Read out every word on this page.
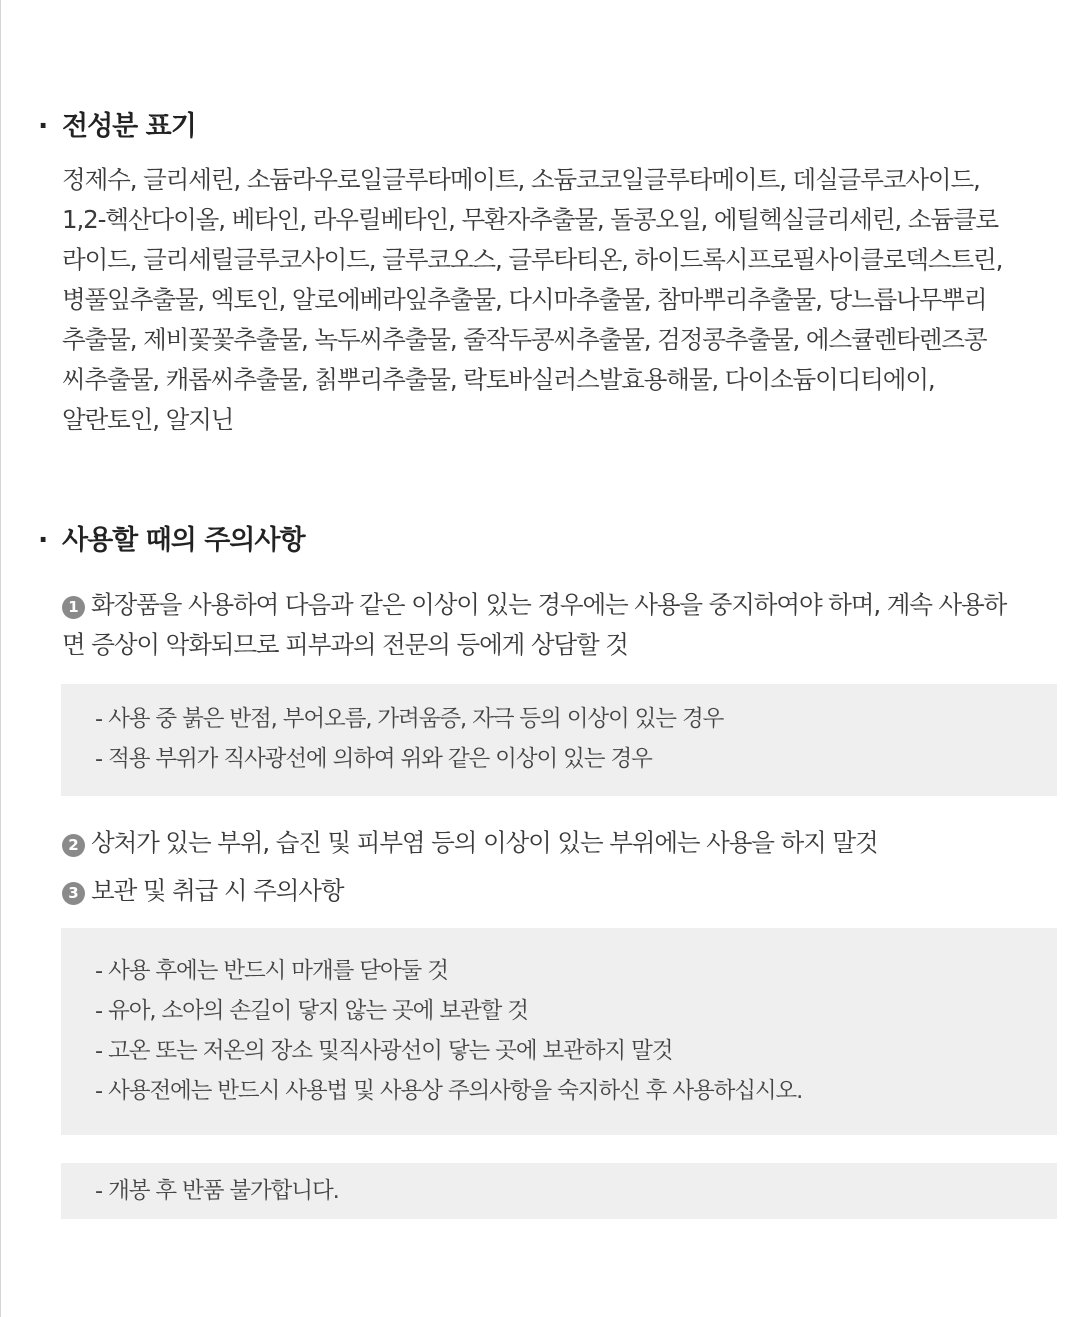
· 전성분 표기
정제수, 글리세린, 소듐라우로일글루타메이트, 소듐코코일글루타메이트, 데실글루코사이드,
1,2-헥산다이올, 베타인, 라우릴베타인, 무환자추출물, 돌콩오일, 에틸헥실글리세린, 소듐클로
라이드, 글리세릴글루코사이드, 글루코오스, 글루타티온, 하이드록시프로필사이클로덱스트린,
병풀잎추출물, 엑토인, 알로에베라잎추출물, 다시마추출물, 참마뿌리추출물, 당느릅나무뿌리
추출물, 제비꽃꽃추출물, 녹두씨추출물, 줄작두콩씨추출물, 검정콩추출물, 에스큘렌타렌즈콩
씨추출물, 캐롭씨추출물, 칡뿌리추출물, 락토바실러스발효용해물, 다이소듐이디티에이,
알란토인, 알지닌
· 사용할 때의 주의사항
1 화장품을 사용하여 다음과 같은 이상이 있는 경우에는 사용을 중지하여야 하며, 계속 사용하
면 증상이 악화되므로 피부과의 전문의 등에게 상담할 것
- 사용 중 붉은 반점, 부어오름, 가려움증, 자극 등의 이상이 있는 경우
- 적용 부위가 직사광선에 의하여 위와 같은 이상이 있는 경우
2 상처가 있는 부위, 습진 및 피부염 등의 이상이 있는 부위에는 사용을 하지 말것
3 보관 및 취급 시 주의사항
- 사용 후에는 반드시 마개를 닫아둘 것
- 유아, 소아의 손길이 닿지 않는 곳에 보관할 것
- 고온 또는 저온의 장소 및직사광선이 닿는 곳에 보관하지 말것
- 사용전에는 반드시 사용법 및 사용상 주의사항을 숙지하신 후 사용하십시오.
- 개봉 후 반품 불가합니다.
